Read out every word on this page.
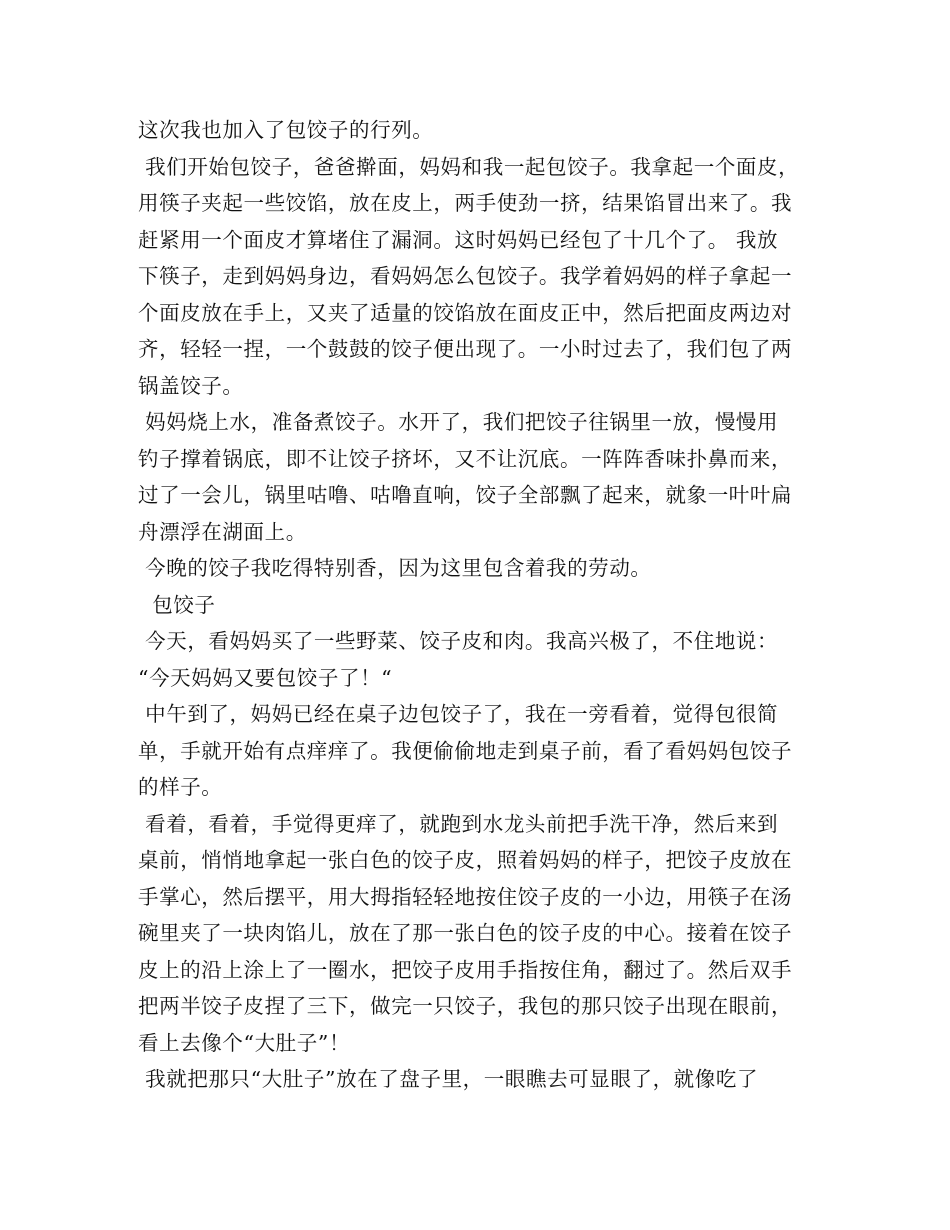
这次我也加入了包饺子的行列。
我们开始包饺子，爸爸擀面，妈妈和我一起包饺子。我拿起一个面皮，
用筷子夹起一些饺馅，放在皮上，两手使劲一挤，结果馅冒出来了。我
赶紧用一个面皮才算堵住了漏洞。这时妈妈已经包了十几个了。 我放
下筷子，走到妈妈身边，看妈妈怎么包饺子。我学着妈妈的样子拿起一
个面皮放在手上，又夹了适量的饺馅放在面皮正中，然后把面皮两边对
齐，轻轻一捏，一个鼓鼓的饺子便出现了。一小时过去了，我们包了两
锅盖饺子。
妈妈烧上水，准备煮饺子。水开了，我们把饺子往锅里一放，慢慢用
钓子撑着锅底，即不让饺子挤坏，又不让沉底。一阵阵香味扑鼻而来，
过了一会儿，锅里咕噜、咕噜直响，饺子全部飘了起来，就象一叶叶扁
舟漂浮在湖面上。
今晚的饺子我吃得特别香，因为这里包含着我的劳动。
包饺子
今天，看妈妈买了一些野菜、饺子皮和肉。我高兴极了，不住地说：
“今天妈妈又要包饺子了！“
中午到了，妈妈已经在桌子边包饺子了，我在一旁看着，觉得包很简
单，手就开始有点痒痒了。我便偷偷地走到桌子前，看了看妈妈包饺子
的样子。
看着，看着，手觉得更痒了，就跑到水龙头前把手洗干净，然后来到
桌前，悄悄地拿起一张白色的饺子皮，照着妈妈的样子，把饺子皮放在
手掌心，然后摆平，用大拇指轻轻地按住饺子皮的一小边，用筷子在汤
碗里夹了一块肉馅儿，放在了那一张白色的饺子皮的中心。接着在饺子
皮上的沿上涂上了一圈水，把饺子皮用手指按住角，翻过了。然后双手
把两半饺子皮捏了三下，做完一只饺子，我包的那只饺子出现在眼前，
看上去像个“大肚子”！
我就把那只“大肚子”放在了盘子里，一眼瞧去可显眼了，就像吃了
